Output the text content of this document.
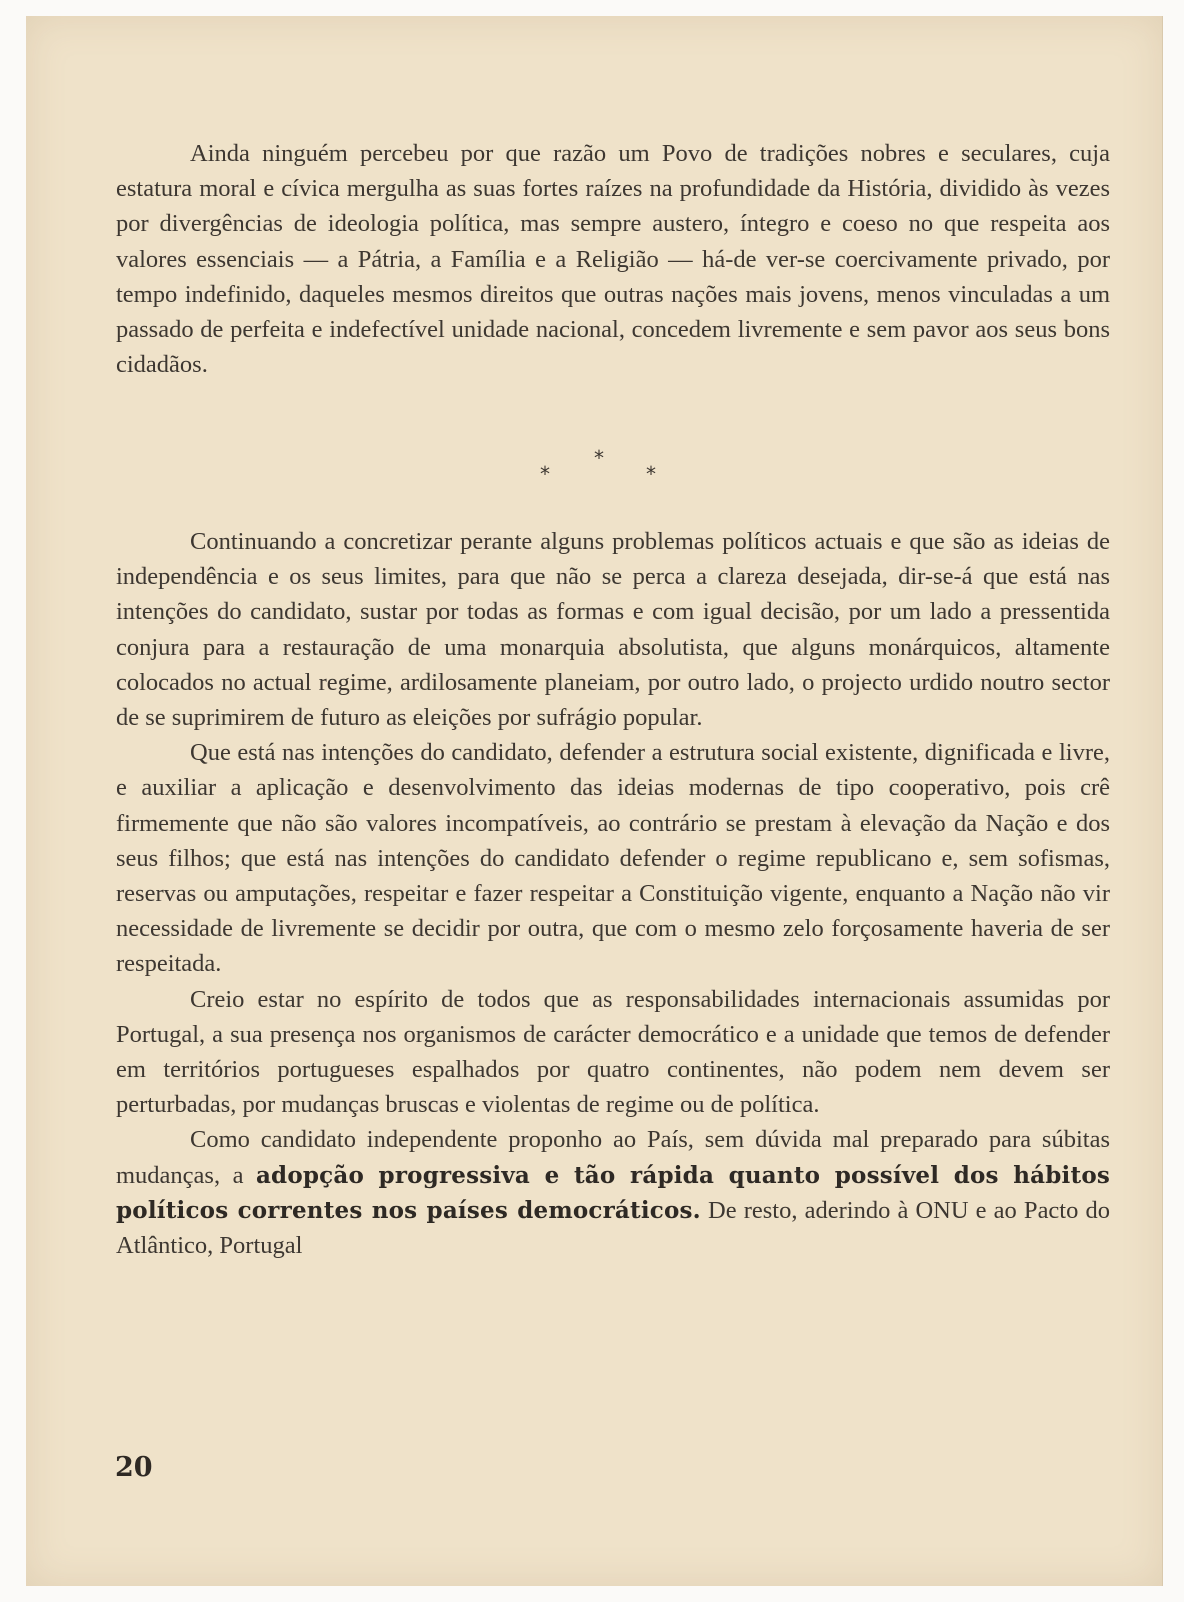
Ainda ninguém percebeu por que razão um Povo de tradições nobres e seculares, cuja estatura moral e cívica mergulha as suas fortes raízes na profundidade da História, dividido às vezes por divergências de ideologia política, mas sempre austero, íntegro e coeso no que respeita aos valores essenciais — a Pátria, a Família e a Religião — há-de ver-se coercivamente privado, por tempo indefinido, daqueles mesmos direitos que outras nações mais jovens, menos vinculadas a um passado de perfeita e indefectível unidade nacional, concedem livremente e sem pavor aos seus bons cidadãos.

*
*	*

Continuando a concretizar perante alguns problemas políticos actuais e que são as ideias de independência e os seus limites, para que não se perca a clareza desejada, dir-se-á que está nas intenções do candidato, sustar por todas as formas e com igual decisão, por um lado a pressentida conjura para a restauração de uma monarquia absolutista, que alguns monárquicos, altamente colocados no actual regime, ardilosamente planeiam, por outro lado, o projecto urdido noutro sector de se suprimirem de futuro as eleições por sufrágio popular.

Que está nas intenções do candidato, defender a estrutura social existente, dignificada e livre, e auxiliar a aplicação e desenvolvimento das ideias modernas de tipo cooperativo, pois crê firmemente que não são valores incompatíveis, ao contrário se prestam à elevação da Nação e dos seus filhos; que está nas intenções do candidato defender o regime republicano e, sem sofismas, reservas ou amputações, respeitar e fazer respeitar a Constituição vigente, enquanto a Nação não vir necessidade de livremente se decidir por outra, que com o mesmo zelo forçosamente haveria de ser respeitada.

Creio estar no espírito de todos que as responsabilidades internacionais assumidas por Portugal, a sua presença nos organismos de carácter democrático e a unidade que temos de defender em territórios portugueses espalhados por quatro continentes, não podem nem devem ser perturbadas, por mudanças bruscas e violentas de regime ou de política.

Como candidato independente proponho ao País, sem dúvida mal preparado para súbitas mudanças, a adopção progressiva e tão rápida quanto possível dos hábitos políticos correntes nos países democráticos. De resto, aderindo à ONU e ao Pacto do Atlântico, Portugal

20
